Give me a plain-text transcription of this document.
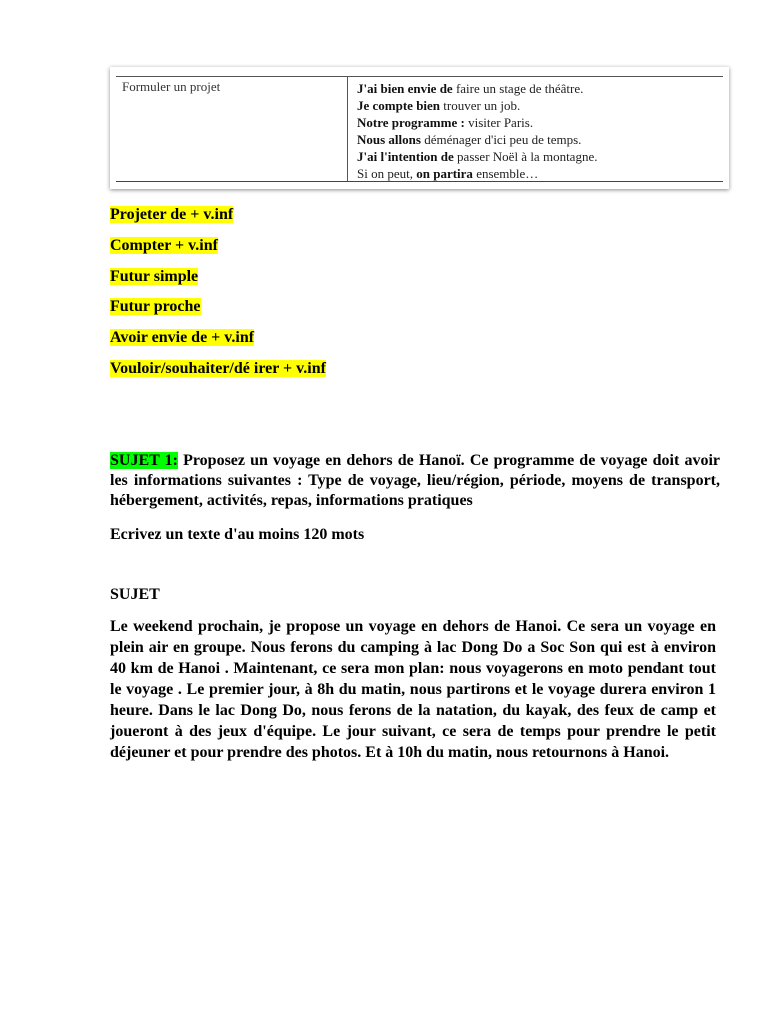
Formuler un projet	J'ai bien envie de faire un stage de théâtre.
Je compte bien trouver un job.
Notre programme : visiter Paris.
Nous allons déménager d'ici peu de temps.
J'ai l'intention de passer Noël à la montagne.
Si on peut, on partira ensemble…
Projeter de + v.inf
Compter + v.inf
Futur simple
Futur proche
Avoir envie de + v.inf
Vouloir/souhaiter/dé irer + v.inf
SUJET 1: Proposez un voyage en dehors de Hanoï. Ce programme de voyage doit avoir les informations suivantes : Type de voyage, lieu/région, période, moyens de transport, hébergement, activités, repas, informations pratiques
Ecrivez un texte d'au moins 120 mots
SUJET
Le weekend prochain, je propose un voyage en dehors de Hanoi. Ce sera un voyage en plein air en groupe. Nous ferons du camping à lac Dong Do a Soc Son qui est à environ 40 km de Hanoi . Maintenant, ce sera mon plan: nous voyagerons en moto pendant tout le voyage . Le premier jour, à 8h du matin, nous partirons et le voyage durera environ 1 heure. Dans le lac Dong Do, nous ferons de la natation, du kayak, des feux de camp et joueront à des jeux d'équipe. Le jour suivant, ce sera de temps pour prendre le petit déjeuner et pour prendre des photos. Et à 10h du matin, nous retournons à Hanoi.
